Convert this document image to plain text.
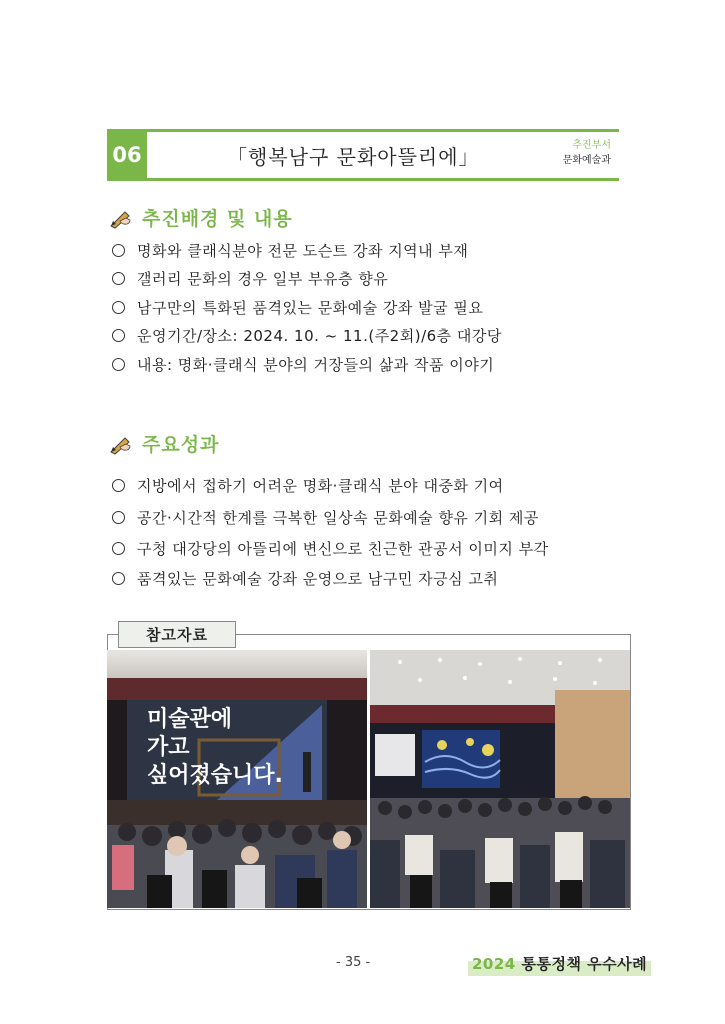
06	「행복남구 문화아뜰리에」	추진부서
문화예술과
추진배경 및 내용
명화와 클래식분야 전문 도슨트 강좌 지역내 부재
갤러리 문화의 경우 일부 부유층 향유
남구만의 특화된 품격있는 문화예술 강좌 발굴 필요
운영기간/장소: 2024. 10. ~ 11.(주2회)/6층 대강당
내용: 명화·클래식 분야의 거장들의 삶과 작품 이야기
주요성과
지방에서 접하기 어려운 명화·클래식 분야 대중화 기여
공간·시간적 한계를 극복한 일상속 문화예술 향유 기회 제공
구청 대강당의 아뜰리에 변신으로 친근한 관공서 이미지 부각
품격있는 문화예술 강좌 운영으로 남구민 자긍심 고취
참고자료
미술관에
가고
싶어졌습니다.
- 35 -	2024 통통정책 우수사례
